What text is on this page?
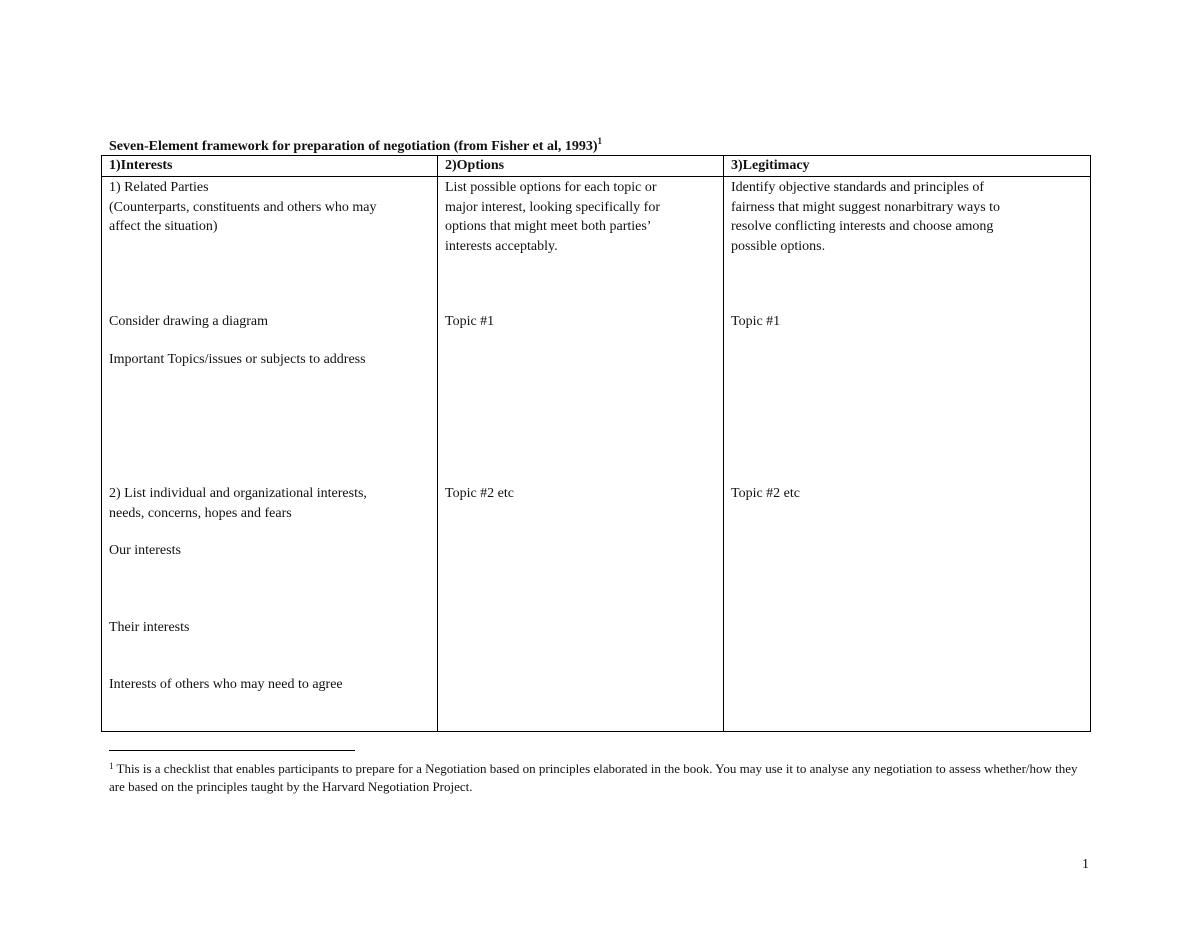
Seven-Element framework for preparation of negotiation (from Fisher et al, 1993)$^1$
1)Interests	2)Options	3)Legitimacy
1) Related Parties
(Counterparts, constituents and others who may
affect the situation)
Consider drawing a diagram
Important Topics/issues or subjects to address
2) List individual and organizational interests,
needs, concerns, hopes and fears
Our interests
Their interests
Interests of others who may need to agree
List possible options for each topic or
major interest, looking specifically for
options that might meet both parties’
interests acceptably.
Topic #1
Topic #2 etc
Identify objective standards and principles of
fairness that might suggest nonarbitrary ways to
resolve conflicting interests and choose among
possible options.
Topic #1
Topic #2 etc
$^1$ This is a checklist that enables participants to prepare for a Negotiation based on principles elaborated in the book. You may use it to analyse any negotiation to assess whether/how they are based on the principles taught by the Harvard Negotiation Project.
1
